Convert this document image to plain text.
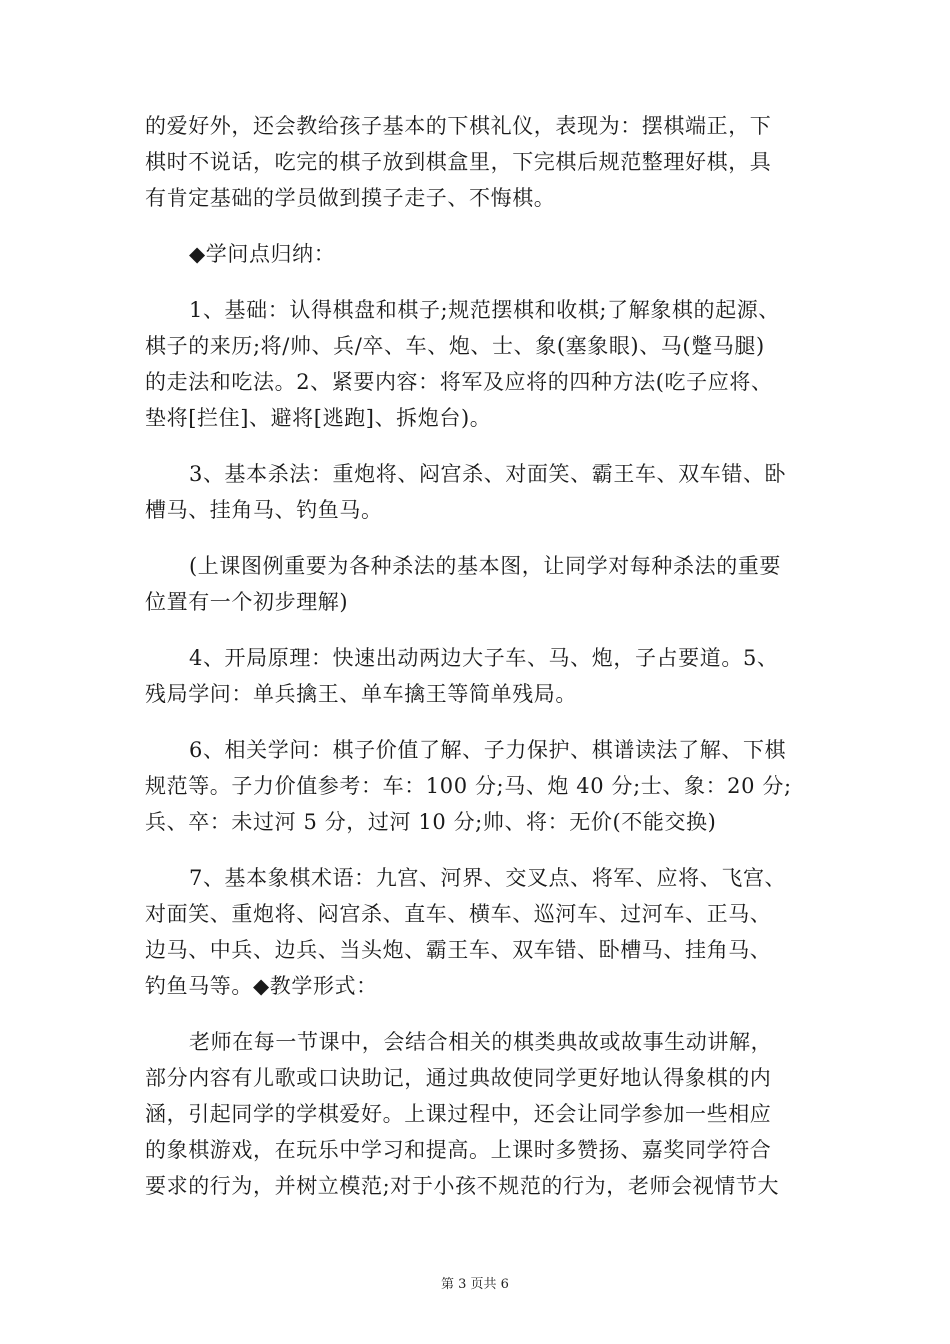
的爱好外，还会教给孩子基本的下棋礼仪，表现为：摆棋端正，下
棋时不说话，吃完的棋子放到棋盒里，下完棋后规范整理好棋，具
有肯定基础的学员做到摸子走子、不悔棋。
◆学问点归纳：
1、基础：认得棋盘和棋子;规范摆棋和收棋;了解象棋的起源、
棋子的来历;将/帅、兵/卒、车、炮、士、象(塞象眼)、马(蹩马腿)
的走法和吃法。2、紧要内容：将军及应将的四种方法(吃子应将、
垫将[拦住]、避将[逃跑]、拆炮台)。
3、基本杀法：重炮将、闷宫杀、对面笑、霸王车、双车错、卧
槽马、挂角马、钓鱼马。
(上课图例重要为各种杀法的基本图，让同学对每种杀法的重要
位置有一个初步理解)
4、开局原理：快速出动两边大子车、马、炮，子占要道。5、
残局学问：单兵擒王、单车擒王等简单残局。
6、相关学问：棋子价值了解、子力保护、棋谱读法了解、下棋
规范等。子力价值参考：车：100 分;马、炮 40 分;士、象：20 分;
兵、卒：未过河 5 分，过河 10 分;帅、将：无价(不能交换)
7、基本象棋术语：九宫、河界、交叉点、将军、应将、飞宫、
对面笑、重炮将、闷宫杀、直车、横车、巡河车、过河车、正马、
边马、中兵、边兵、当头炮、霸王车、双车错、卧槽马、挂角马、
钓鱼马等。◆教学形式：
老师在每一节课中，会结合相关的棋类典故或故事生动讲解，
部分内容有儿歌或口诀助记，通过典故使同学更好地认得象棋的内
涵，引起同学的学棋爱好。上课过程中，还会让同学参加一些相应
的象棋游戏，在玩乐中学习和提高。上课时多赞扬、嘉奖同学符合
要求的行为，并树立模范;对于小孩不规范的行为，老师会视情节大
第 3 页共 6
